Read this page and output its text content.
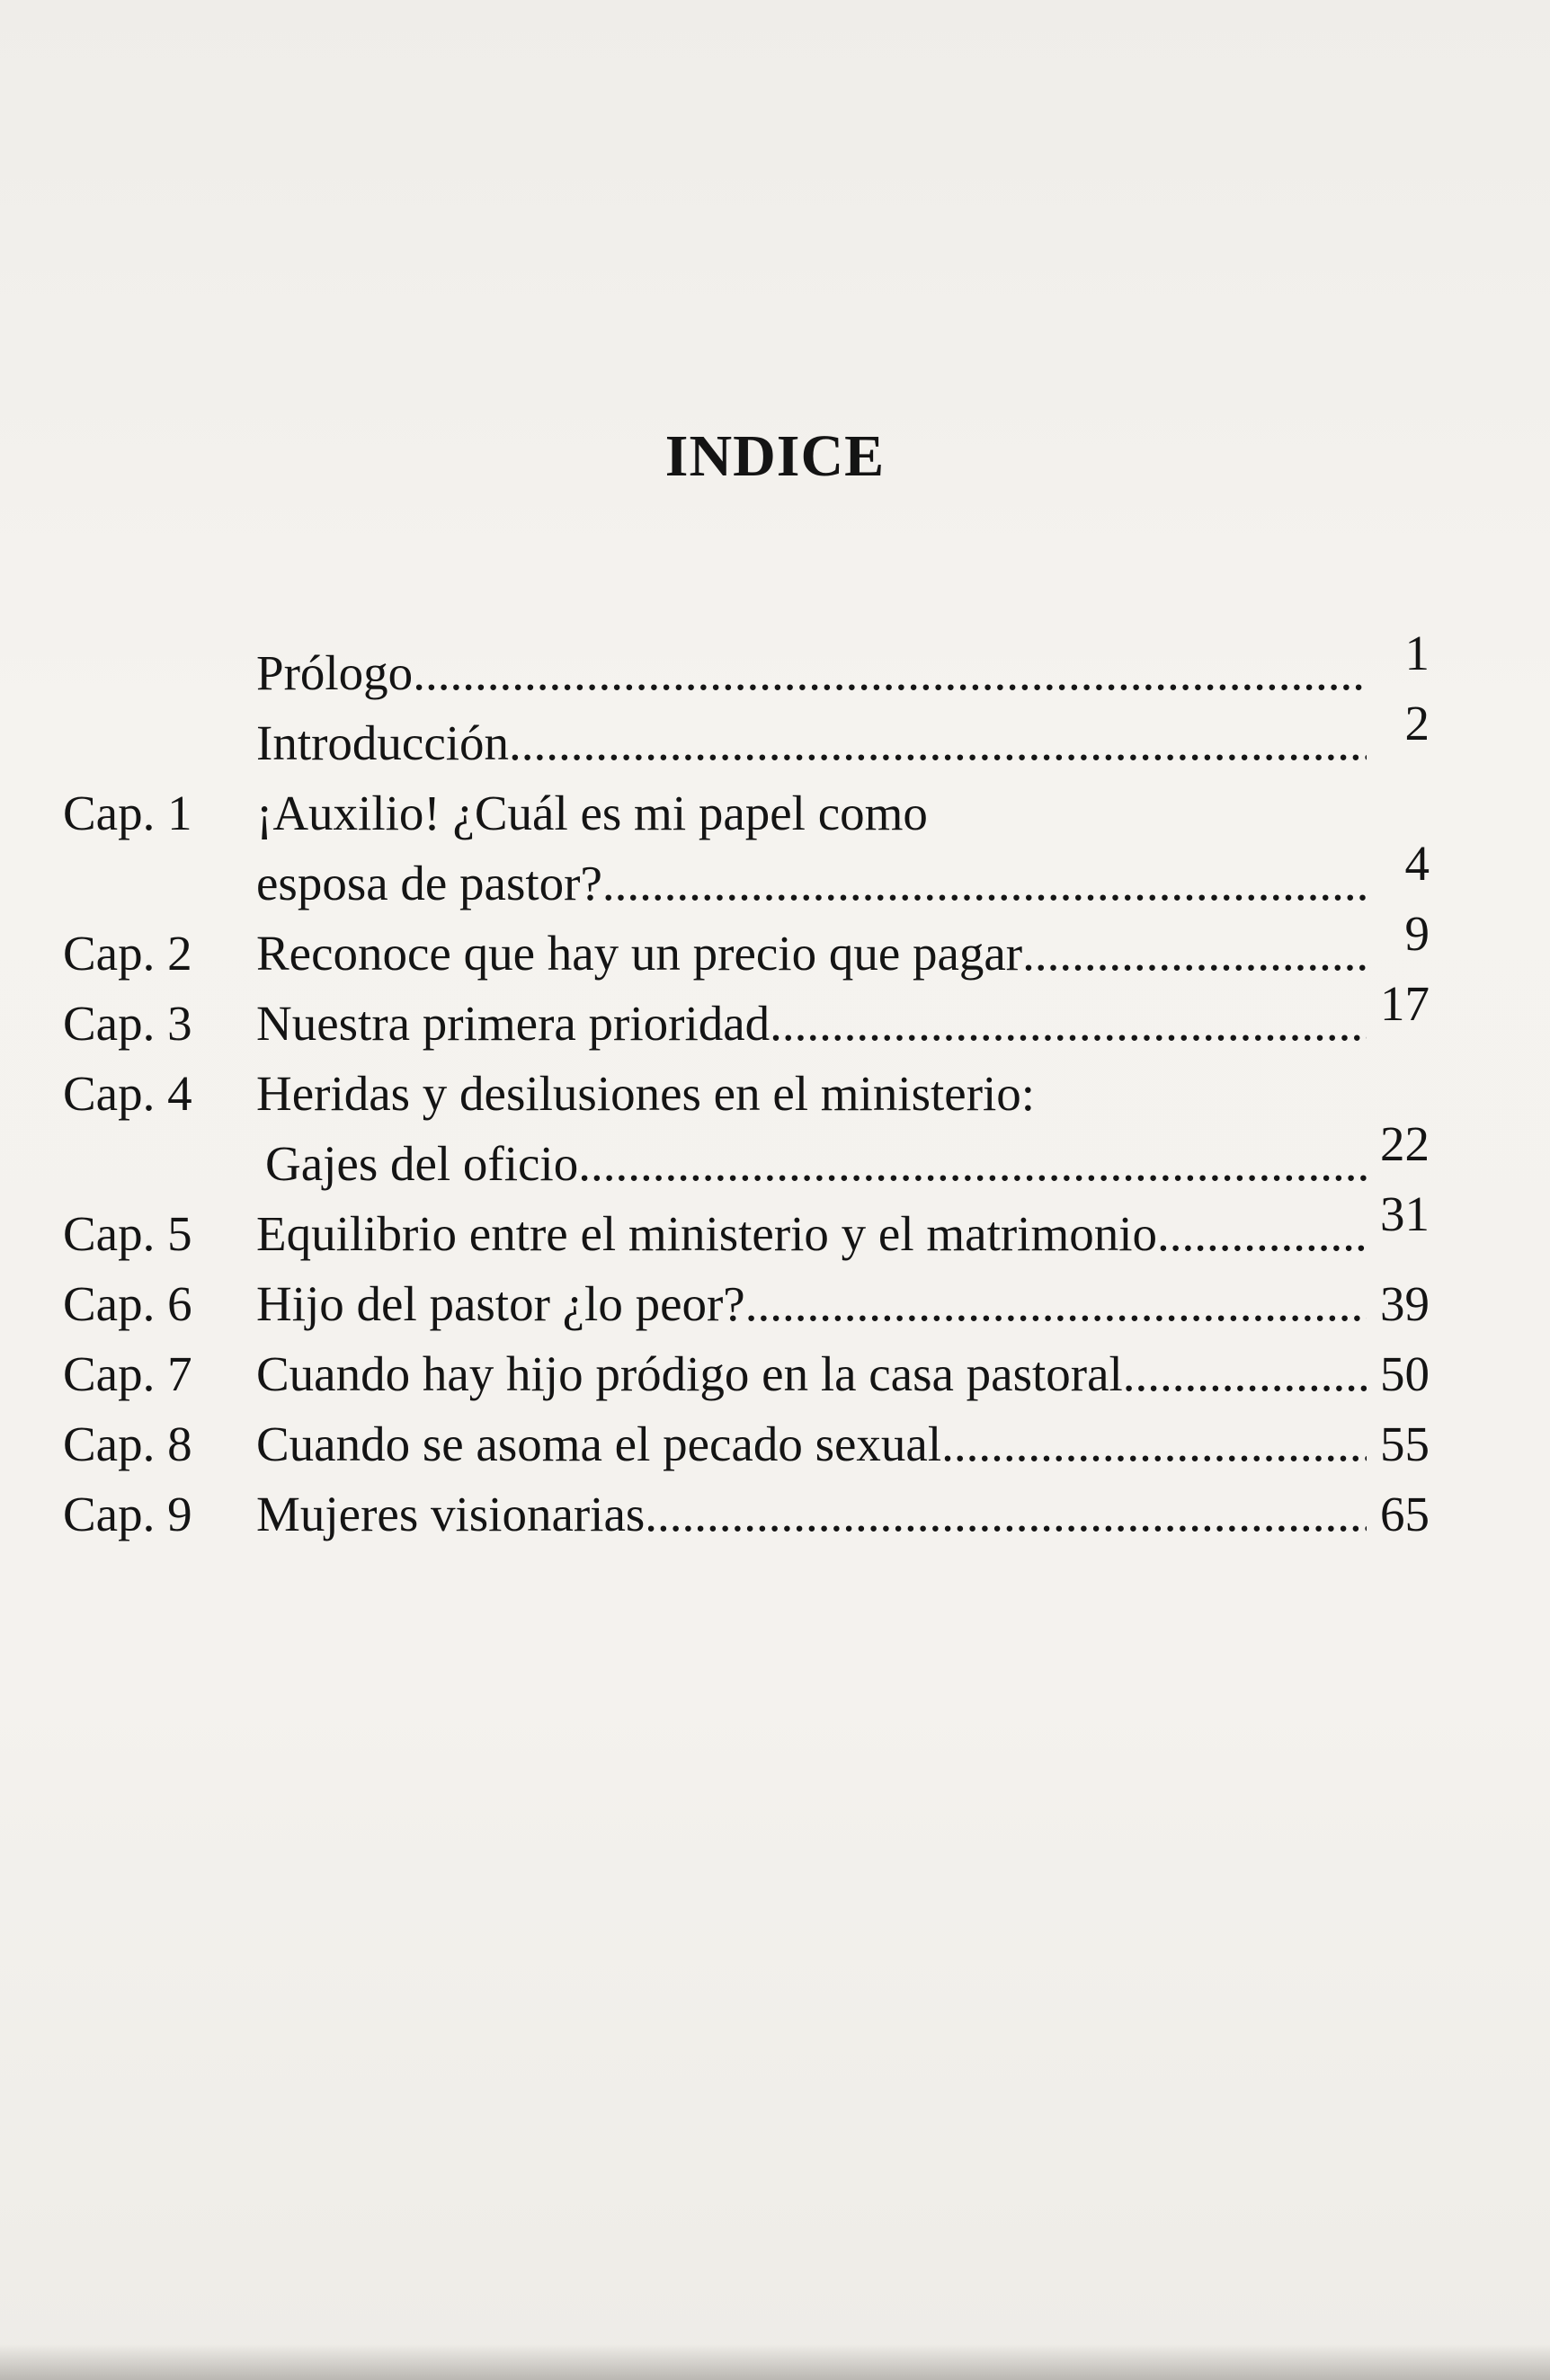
INDICE
Prólogo .....	1
Introducción .....	2
Cap. 1	¡Auxilio! ¿Cuál es mi papel como
esposa de pastor? .....	4
Cap. 2	Reconoce que hay un precio que pagar .....	9
Cap. 3	Nuestra primera prioridad .....	17
Cap. 4	Heridas y desilusiones en el ministerio:
Gajes del oficio .....	22
Cap. 5	Equilibrio entre el ministerio y el matrimonio .....	31
Cap. 6	Hijo del pastor ¿lo peor? .....	39
Cap. 7	Cuando hay hijo pródigo en la casa pastoral .....	50
Cap. 8	Cuando se asoma el pecado sexual .....	55
Cap. 9	Mujeres visionarias .....	65
